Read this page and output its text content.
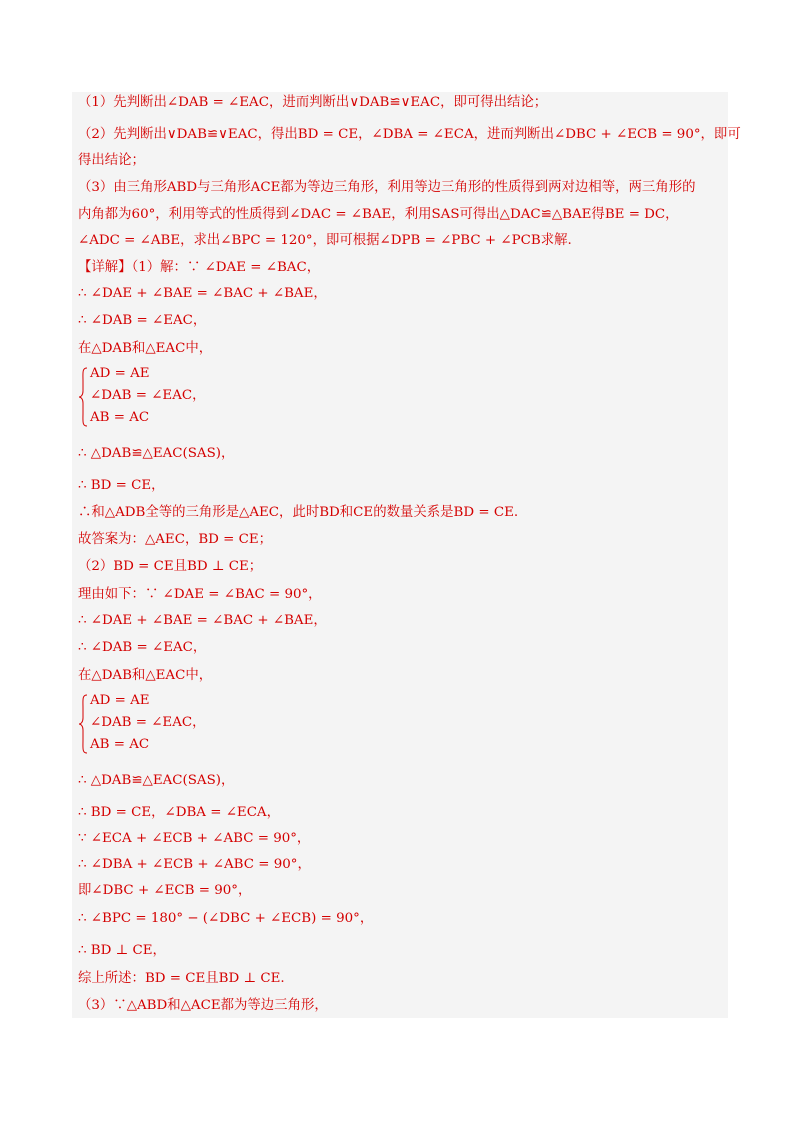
（1）先判断出∠DAB = ∠EAC，进而判断出∨DAB≌∨EAC，即可得出结论；
（2）先判断出∨DAB≌∨EAC，得出BD = CE，∠DBA = ∠ECA，进而判断出∠DBC + ∠ECB = 90°，即可
得出结论；
（3）由三角形ABD与三角形ACE都为等边三角形，利用等边三角形的性质得到两对边相等，两三角形的
内角都为60°，利用等式的性质得到∠DAC = ∠BAE，利用SAS可得出△DAC≌△BAE得BE = DC，
∠ADC = ∠ABE，求出∠BPC = 120°，即可根据∠DPB = ∠PBC + ∠PCB求解.
【详解】（1）解：∵ ∠DAE = ∠BAC，
∴ ∠DAE + ∠BAE = ∠BAC + ∠BAE，
∴ ∠DAB = ∠EAC，
在△DAB和△EAC中，
AD = AE
∠DAB = ∠EAC，
AB = AC
∴ △DAB≌△EAC(SAS)，
∴ BD = CE，
∴和△ADB全等的三角形是△AEC，此时BD和CE的数量关系是BD = CE.
故答案为：△AEC，BD = CE；
（2）BD = CE且BD ⊥ CE；
理由如下：∵ ∠DAE = ∠BAC = 90°，
∴ ∠DAE + ∠BAE = ∠BAC + ∠BAE，
∴ ∠DAB = ∠EAC，
在△DAB和△EAC中，
AD = AE
∠DAB = ∠EAC，
AB = AC
∴ △DAB≌△EAC(SAS)，
∴ BD = CE，∠DBA = ∠ECA，
∵ ∠ECA + ∠ECB + ∠ABC = 90°，
∴ ∠DBA + ∠ECB + ∠ABC = 90°，
即∠DBC + ∠ECB = 90°，
∴ ∠BPC = 180° − (∠DBC + ∠ECB) = 90°，
∴ BD ⊥ CE，
综上所述：BD = CE且BD ⊥ CE.
（3）∵△ABD和△ACE都为等边三角形，
